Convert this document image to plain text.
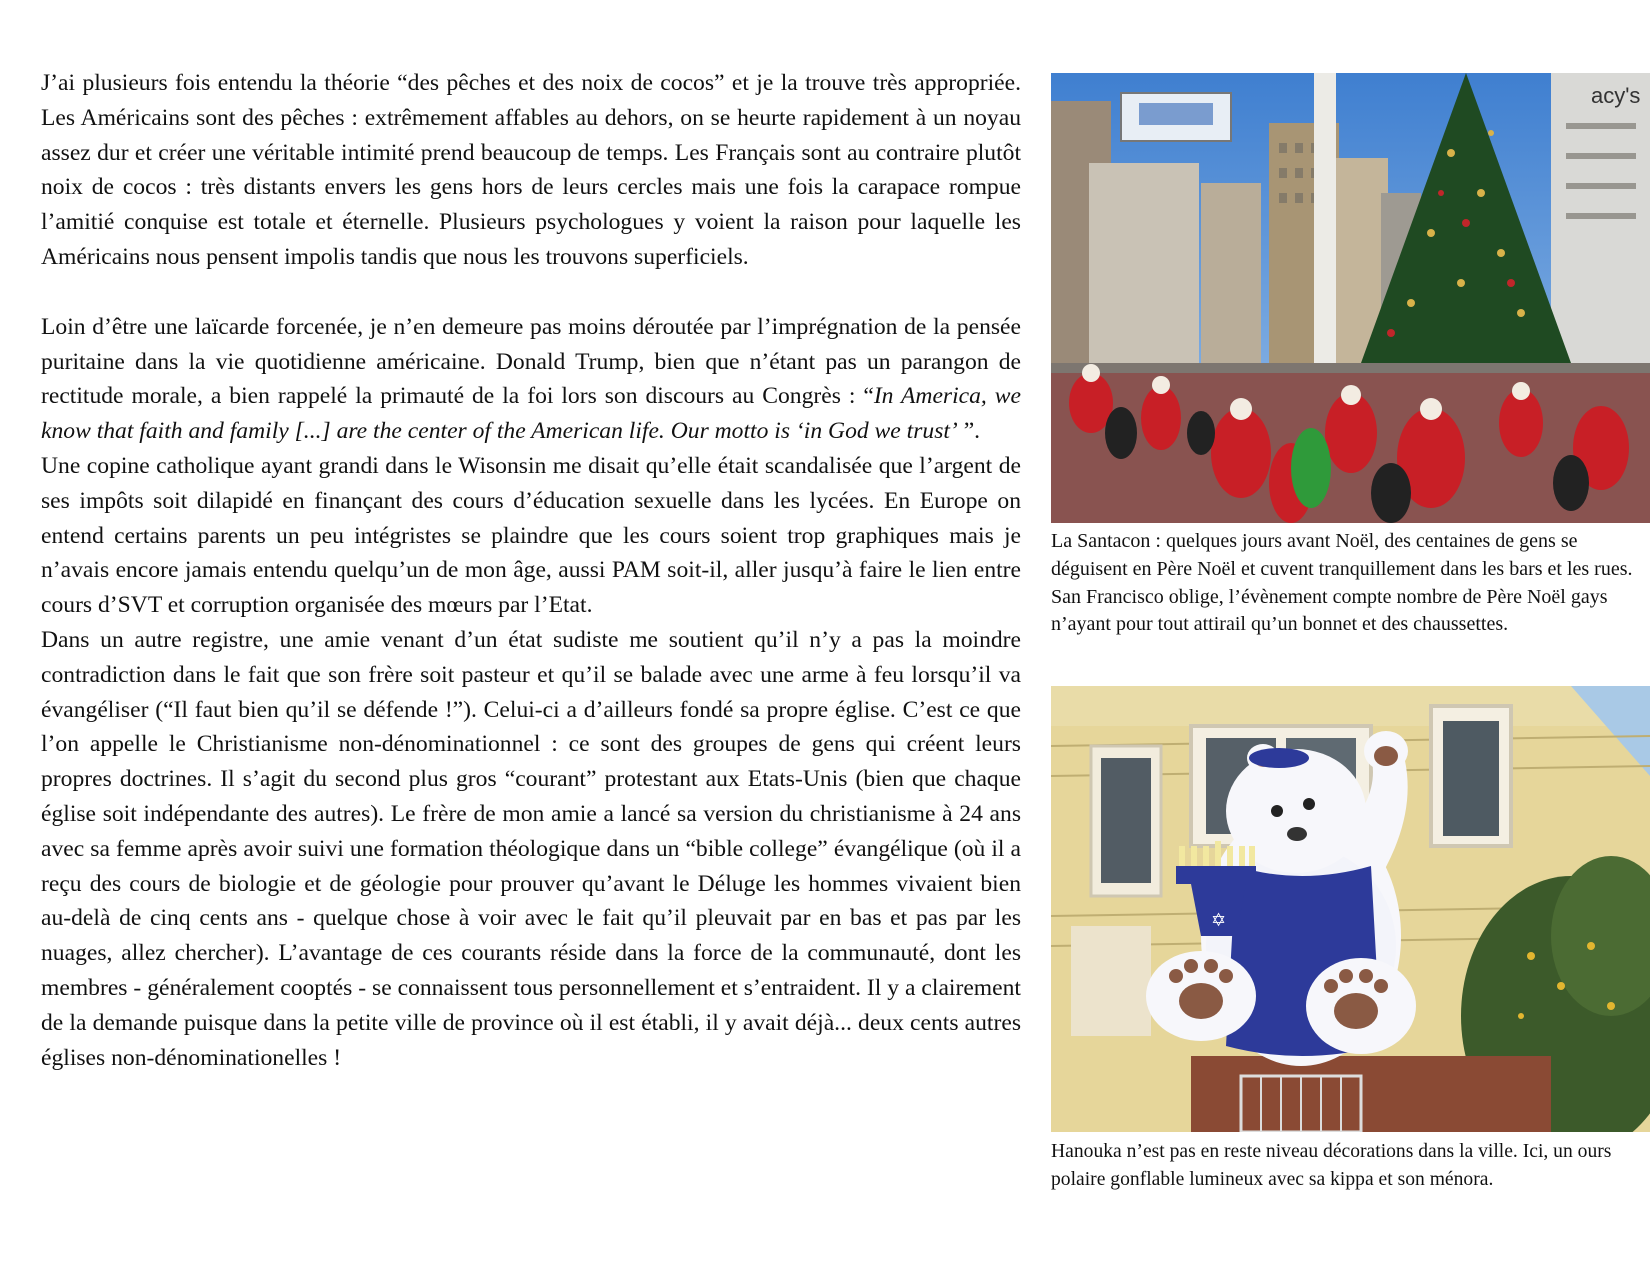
J’ai plusieurs fois entendu la théorie “des pêches et des noix de cocos” et je la trouve très appropriée. Les Américains sont des pêches : extrêmement affables au dehors, on se heurte rapidement à un noyau assez dur et créer une véritable intimité prend beaucoup de temps. Les Français sont au contraire plutôt noix de cocos : très distants envers les gens hors de leurs cercles mais une fois la carapace rompue l’amitié conquise est totale et éternelle. Plusieurs psychologues y voient la raison pour laquelle les Américains nous pensent impolis tandis que nous les trouvons superficiels.

Loin d’être une laïcarde forcenée, je n’en demeure pas moins déroutée par l’imprégnation de la pensée puritaine dans la vie quotidienne américaine. Donald Trump, bien que n’étant pas un parangon de rectitude morale, a bien rappelé la primauté de la foi lors son discours au Congrès : “In America, we know that faith and family [...] are the center of the American life. Our motto is ‘in God we trust’ ”.

Une copine catholique ayant grandi dans le Wisonsin me disait qu’elle était scandalisée que l’argent de ses impôts soit dilapidé en finançant des cours d’éducation sexuelle dans les lycées. En Europe on entend certains parents un peu intégristes se plaindre que les cours soient trop graphiques mais je n’avais encore jamais entendu quelqu’un de mon âge, aussi PAM soit-il, aller jusqu’à faire le lien entre cours d’SVT et corruption organisée des mœurs par l’Etat.

Dans un autre registre, une amie venant d’un état sudiste me soutient qu’il n’y a pas la moindre contradiction dans le fait que son frère soit pasteur et qu’il se balade avec une arme à feu lorsqu’il va évangéliser (“Il faut bien qu’il se défende !”). Celui-ci a d’ailleurs fondé sa propre église. C’est ce que l’on appelle le Christianisme non-dénominationnel : ce sont des groupes de gens qui créent leurs propres doctrines. Il s’agit du second plus gros “courant” protestant aux Etats-Unis (bien que chaque église soit indépendante des autres). Le frère de mon amie a lancé sa version du christianisme à 24 ans avec sa femme après avoir suivi une formation théologique dans un “bible college” évangélique (où il a reçu des cours de biologie et de géologie pour prouver qu’avant le Déluge les hommes vivaient bien au-delà de cinq cents ans - quelque chose à voir avec le fait qu’il pleuvait par en bas et pas par les nuages, allez chercher). L’avantage de ces courants réside dans la force de la communauté, dont les membres - généralement cooptés - se connaissent tous personnellement et s’entraident. Il y a clairement de la demande puisque dans la petite ville de province où il est établi, il y avait déjà... deux cents autres églises non-dénominationelles !

acy's
La Santacon : quelques jours avant Noël, des centaines de gens se déguisent en Père Noël et cuvent tranquillement dans les bars et les rues. San Francisco oblige, l’évènement compte nombre de Père Noël gays n’ayant pour tout attirail qu’un bonnet et des chaussettes.
✡
Hanouka n’est pas en reste niveau décorations dans la ville. Ici, un ours polaire gonflable lumineux avec sa kippa et son ménora.
